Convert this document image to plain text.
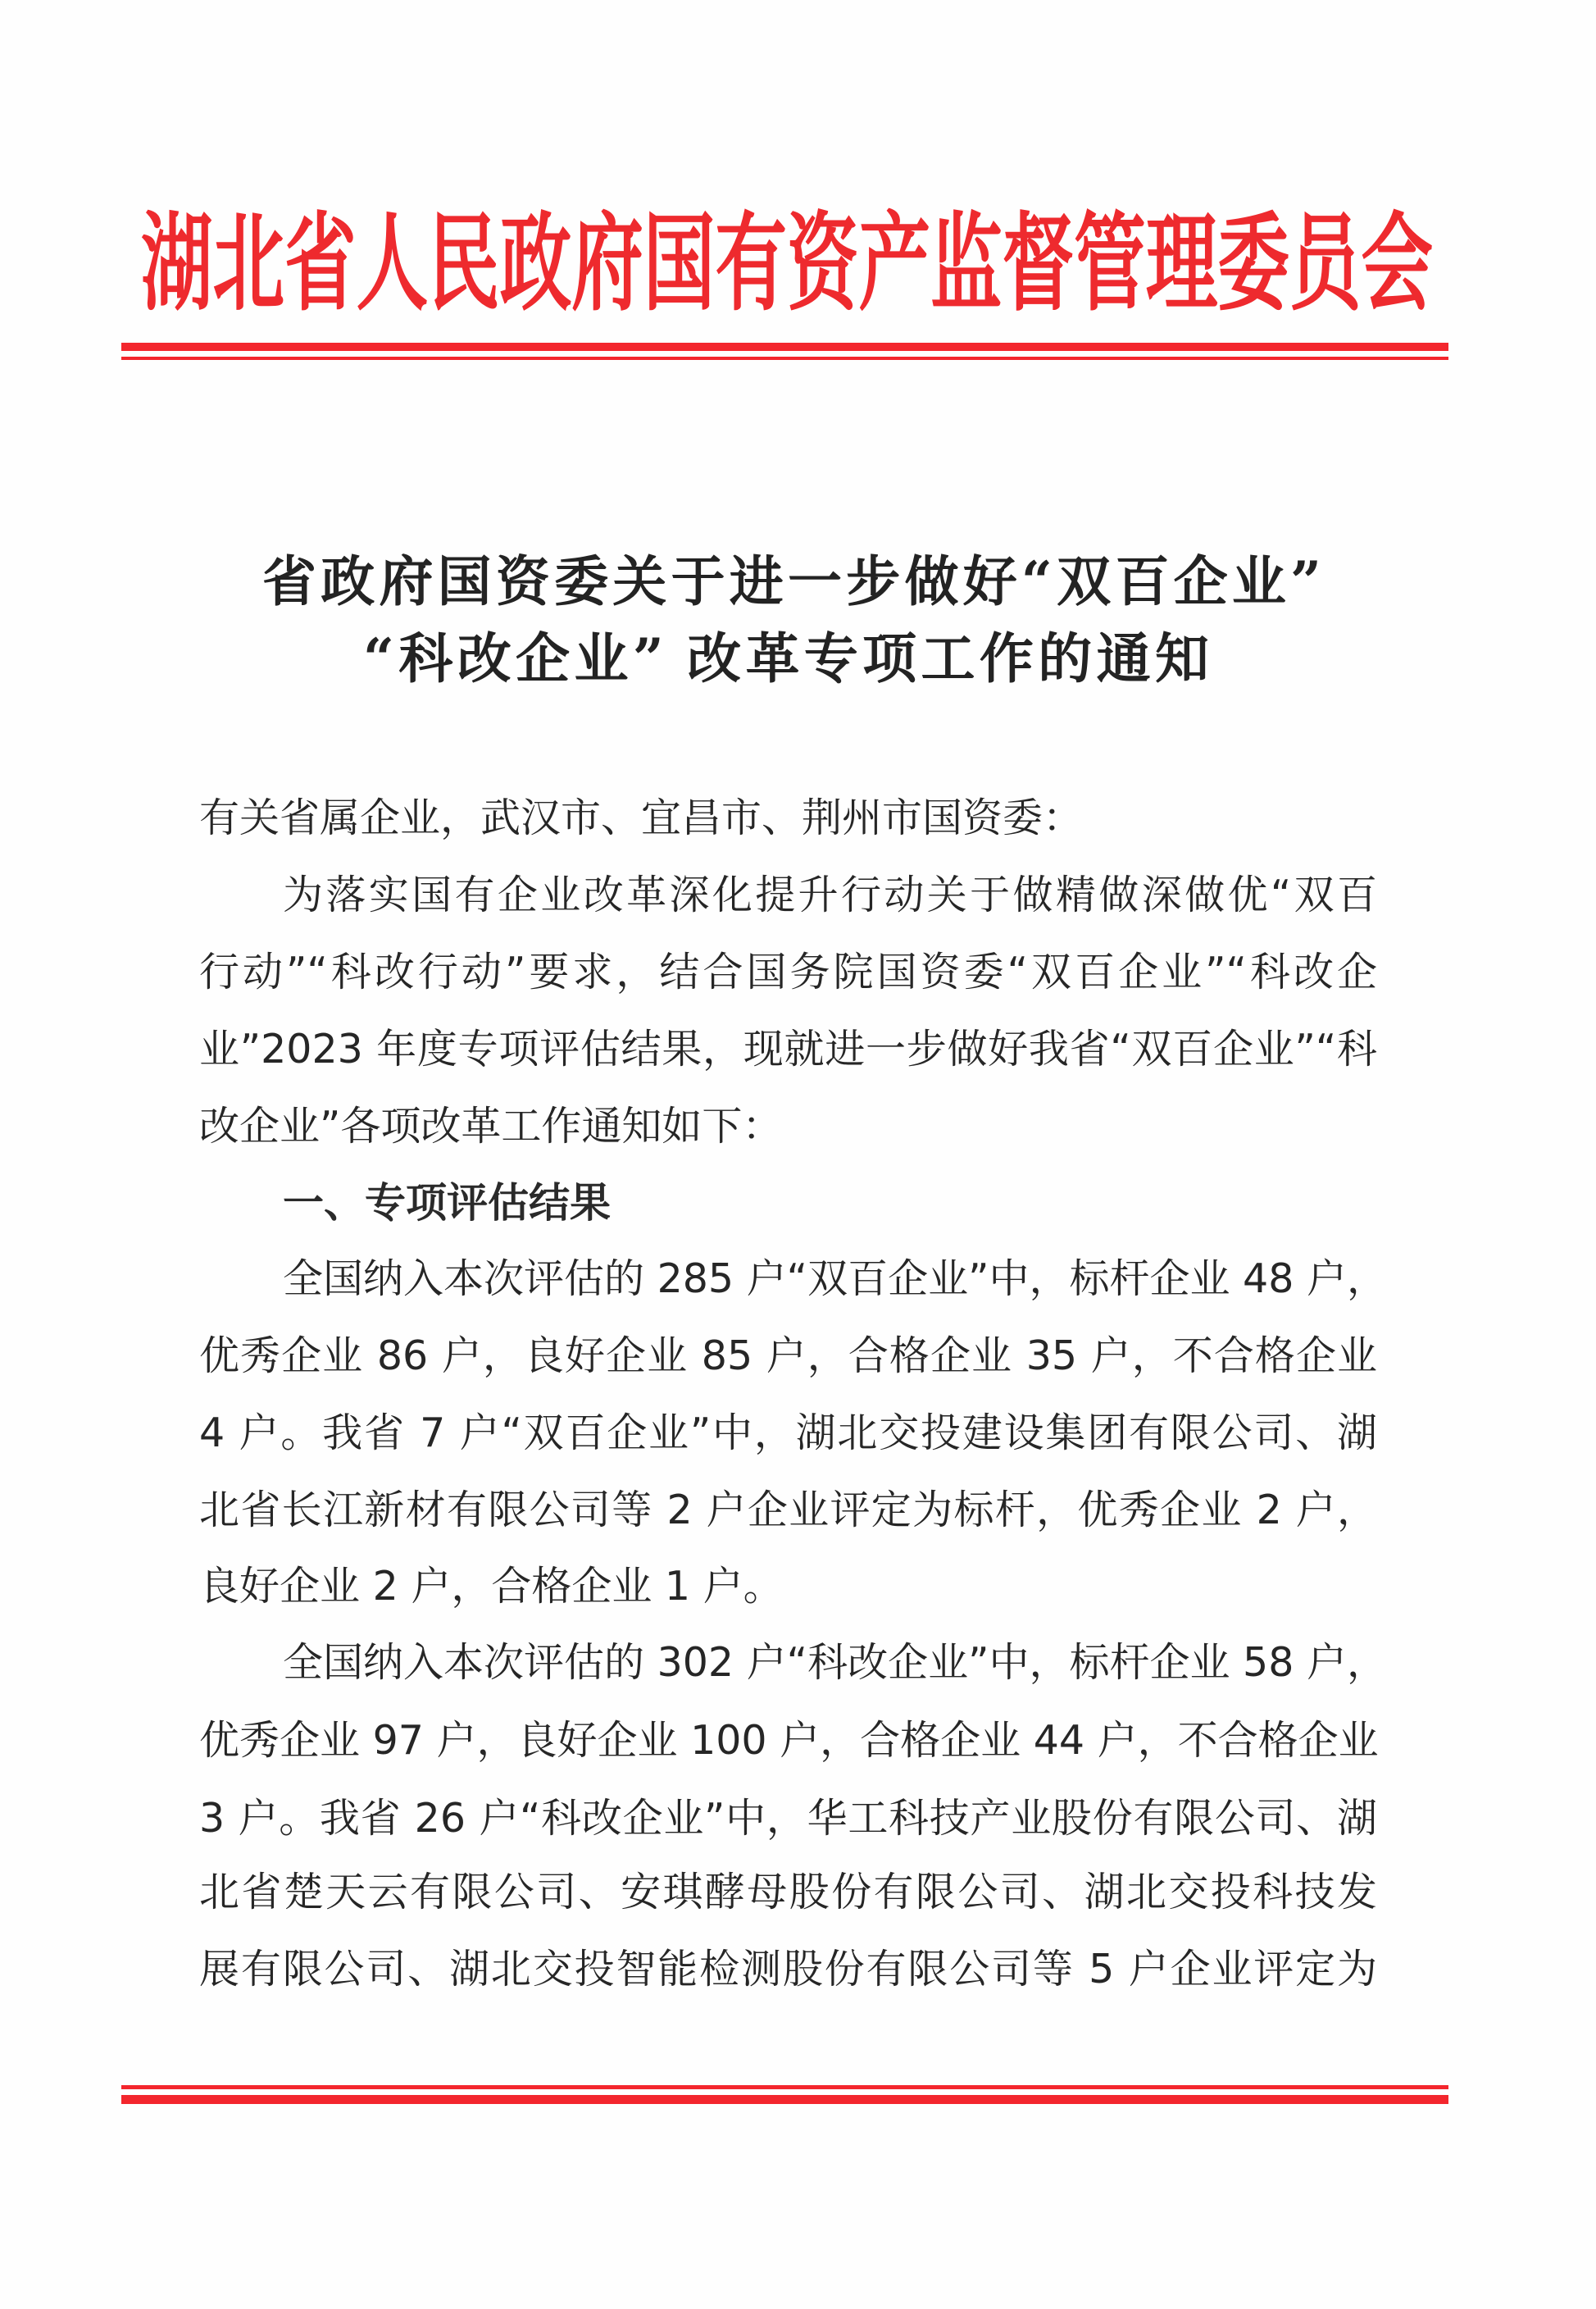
湖北省人民政府国有资产监督管理委员会
省政府国资委关于进一步做好“双百企业”
“科改企业” 改革专项工作的通知
有关省属企业，武汉市、宜昌市、荆州市国资委：
为落实国有企业改革深化提升行动关于做精做深做优“双百
行动”“科改行动”要求，结合国务院国资委“双百企业”“科改企
业”2023 年度专项评估结果，现就进一步做好我省“双百企业”“科
改企业”各项改革工作通知如下：
一、专项评估结果
全国纳入本次评估的 285 户“双百企业”中，标杆企业 48 户，
优秀企业 86 户，良好企业 85 户，合格企业 35 户，不合格企业
4 户。我省 7 户“双百企业”中，湖北交投建设集团有限公司、湖
北省长江新材有限公司等 2 户企业评定为标杆，优秀企业 2 户，
良好企业 2 户，合格企业 1 户。
全国纳入本次评估的 302 户“科改企业”中，标杆企业 58 户，
优秀企业 97 户，良好企业 100 户，合格企业 44 户，不合格企业
3 户。我省 26 户“科改企业”中，华工科技产业股份有限公司、湖
北省楚天云有限公司、安琪酵母股份有限公司、湖北交投科技发
展有限公司、湖北交投智能检测股份有限公司等 5 户企业评定为
